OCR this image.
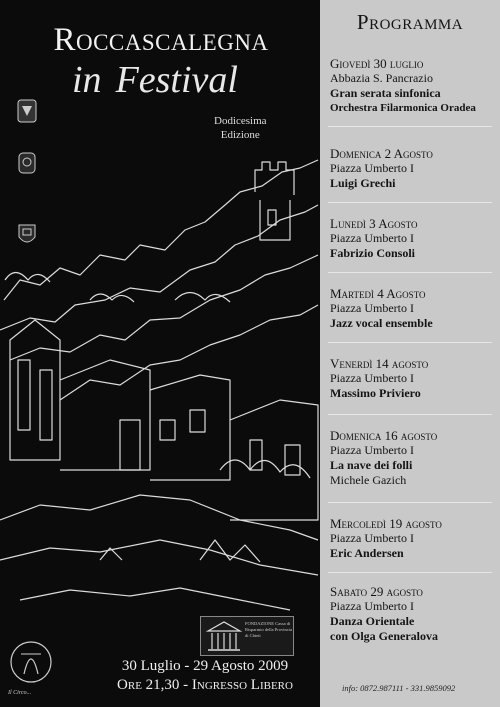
Roccascalegna
in Festival
Dodicesima
Edizione
FONDAZIONE Cassa di Risparmio della Provincia di Chieti
Il Circo...
30 Luglio - 29 Agosto 2009
Ore 21,30 - Ingresso Libero
Programma
Giovedì 30 luglio
Abbazia S. Pancrazio
Gran serata sinfonica
Orchestra Filarmonica Oradea
Domenica 2 Agosto
Piazza Umberto I
Luigi Grechi
Lunedì 3 Agosto
Piazza Umberto I
Fabrizio Consoli
Martedì 4 Agosto
Piazza Umberto I
Jazz vocal ensemble
Venerdì 14 agosto
Piazza Umberto I
Massimo Priviero
Domenica 16 agosto
Piazza Umberto I
La nave dei folli
Michele Gazich
Mercoledì 19 agosto
Piazza Umberto I
Eric Andersen
Sabato 29 agosto
Piazza Umberto I
Danza Orientale
con Olga Generalova
info: 0872.987111 - 331.9859092
